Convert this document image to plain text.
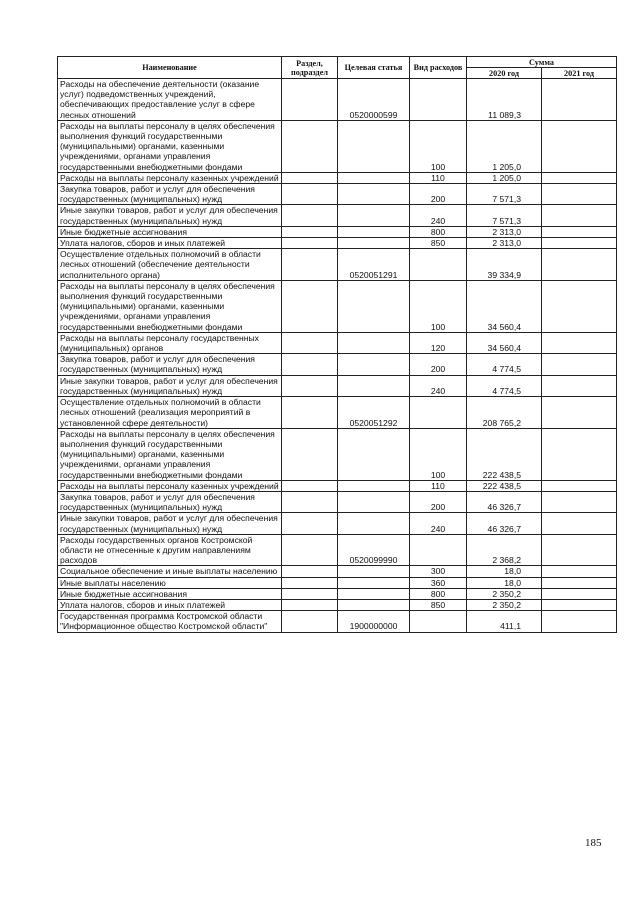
Наименование	Раздел, подраздел	Целевая статья	Вид расходов	Сумма	
				2020 год	2021 год
Расходы на обеспечение деятельности (оказание услуг) подведомственных учреждений, обеспечивающих предоставление услуг в сфере лесных отношений		0520000599		11 089,3	
Расходы на выплаты персоналу в целях обеспечения выполнения функций государственными (муниципальными) органами, казенными учреждениями, органами управления государственными внебюджетными фондами			100	1 205,0	
Расходы на выплаты персоналу казенных учреждений			110	1 205,0	
Закупка товаров, работ и услуг для обеспечения государственных (муниципальных) нужд			200	7 571,3	
Иные закупки товаров, работ и услуг для обеспечения государственных (муниципальных) нужд			240	7 571,3	
Иные бюджетные ассигнования			800	2 313,0	
Уплата налогов, сборов и иных платежей			850	2 313,0	
Осуществление отдельных полномочий в области лесных отношений (обеспечение деятельности исполнительного органа)		0520051291		39 334,9	
Расходы на выплаты персоналу в целях обеспечения выполнения функций государственными (муниципальными) органами, казенными учреждениями, органами управления государственными внебюджетными фондами			100	34 560,4	
Расходы на выплаты персоналу государственных (муниципальных) органов			120	34 560,4	
Закупка товаров, работ и услуг для обеспечения государственных (муниципальных) нужд			200	4 774,5	
Иные закупки товаров, работ и услуг для обеспечения государственных (муниципальных) нужд			240	4 774,5	
Осуществление отдельных полномочий в области лесных отношений (реализация мероприятий в установленной сфере деятельности)		0520051292		208 765,2	
Расходы на выплаты персоналу в целях обеспечения выполнения функций государственными (муниципальными) органами, казенными учреждениями, органами управления государственными внебюджетными фондами			100	222 438,5	
Расходы на выплаты персоналу казенных учреждений			110	222 438,5	
Закупка товаров, работ и услуг для обеспечения государственных (муниципальных) нужд			200	46 326,7	
Иные закупки товаров, работ и услуг для обеспечения государственных (муниципальных) нужд			240	46 326,7	
Расходы государственных органов Костромской области не отнесенные к другим направлениям расходов		0520099990		2 368,2	
Социальное обеспечение и иные выплаты населению			300	18,0	
Иные выплаты населению			360	18,0	
Иные бюджетные ассигнования			800	2 350,2	
Уплата налогов, сборов и иных платежей			850	2 350,2	
Государственная программа Костромской области "Информационное общество Костромской области"		1900000000		411,1	
185
